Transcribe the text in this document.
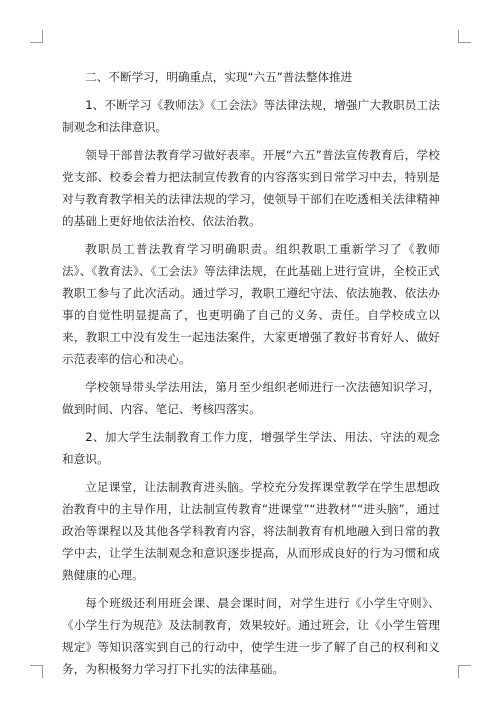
二、不断学习，明确重点，实现“六五”普法整体推进

1、不断学习《教师法》《工会法》等法律法规，增强广大教职员工法制观念和法律意识。

领导干部普法教育学习做好表率。开展“六五”普法宣传教育后，学校党支部、校委会着力把法制宣传教育的内容落实到日常学习中去，特别是对与教育教学相关的法律法规的学习，使领导干部们在吃透相关法律精神的基础上更好地依法治校、依法治教。

教职员工普法教育学习明确职责。组织教职工重新学习了《教师法》、《教育法》、《工会法》等法律法规，在此基础上进行宣讲，全校正式教职工参与了此次活动。通过学习，教职工遵纪守法、依法施教、依法办事的自觉性明显提高了，也更明确了自己的义务、责任。自学校成立以来，教职工中没有发生一起违法案件，大家更增强了教好书育好人、做好示范表率的信心和决心。

学校领导带头学法用法，第月至少组织老师进行一次法德知识学习，做到时间、内容、笔记、考核四落实。

2、加大学生法制教育工作力度，增强学生学法、用法、守法的观念和意识。

立足课堂，让法制教育进头脑。学校充分发挥课堂教学在学生思想政治教育中的主导作用，让法制宣传教育“进课堂”“进教材”“进头脑”，通过政治等课程以及其他各学科教育内容，将法制教育有机地融入到日常的教学中去，让学生法制观念和意识逐步提高，从而形成良好的行为习惯和成熟健康的心理。

每个班级还利用班会课、晨会课时间，对学生进行《小学生守则》、《小学生行为规范》及法制教育，效果较好。通过班会，让《小学生管理规定》等知识落实到自己的行动中，使学生进一步了解了自己的权利和义务，为积极努力学习打下扎实的法律基础。
